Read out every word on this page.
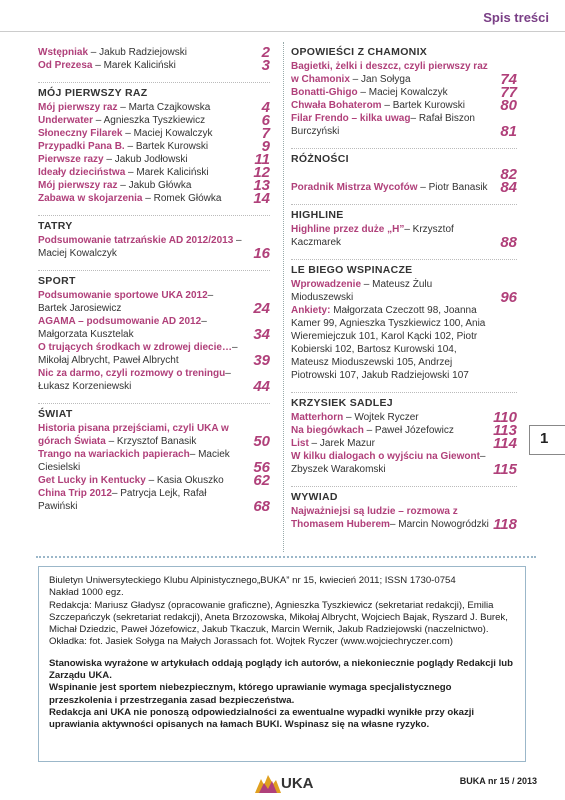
Spis treści
Wstępniak – Jakub Radziejowski	2
Od Prezesa – Marek Kaliciński	3
MÓJ PIERWSZY RAZ
Mój pierwszy raz – Marta Czajkowska	4
Underwater – Agnieszka Tyszkiewicz	6
Słoneczny Filarek – Maciej Kowalczyk	7
Przypadki Pana B. – Bartek Kurowski	9
Pierwsze razy – Jakub Jodłowski	11
Ideały dzieciństwa – Marek Kaliciński	12
Mój pierwszy raz – Jakub Główka	13
Zabawa w skojarzenia – Romek Główka 14
TATRY
Podsumowanie tatrzańskie AD 2012/2013 – Maciej Kowalczyk	16
SPORT
Podsumowanie sportowe UKA 2012– Bartek Jarosiewicz	24
AGAMA – podsumowanie AD 2012– Małgorzata Kusztelak	34
O trujących środkach w zdrowej diecie…– Mikołaj Albrycht, Paweł Albrycht	39
Nic za darmo, czyli rozmowy o treningu– Łukasz Korzeniewski	44
ŚWIAT
Historia pisana przejściami, czyli UKA w górach Świata – Krzysztof Banasik	50
Trango na wariackich papierach– Maciek Ciesielski	56
Get Lucky in Kentucky – Kasia Okuszko 62
China Trip 2012– Patrycja Lejk, Rafał Pawiński	68
OPOWIEŚCI Z CHAMONIX
Bagietki, żelki i deszcz, czyli pierwszy raz w Chamonix – Jan Sołyga	74
Bonatti-Ghigo – Maciej Kowalczyk	77
Chwała Bohaterom – Bartek Kurowski 80
Filar Frendo – kilka uwag– Rafał Biszon Burczyński	81
RÓŻNOŚCI
82
Poradnik Mistrza Wycofów – Piotr Banasik 84
HIGHLINE
Highline przez duże „H”– Krzysztof Kaczmarek	88
LE BIEGO WSPINACZE
Wprowadzenie – Mateusz Żulu Mioduszewski	96
Ankiety: Małgorzata Czeczott 98, Joanna Kamer 99, Agnieszka Tyszkiewicz 100, Ania Wieremiejczuk 101, Karol Kącki 102, Piotr Kobierski 102, Bartosz Kurowski 104, Mateusz Mioduszewski 105, Andrzej Piotrowski 107, Jakub Radziejowski 107
KRZYSIEK SADLEJ
Matterhorn – Wojtek Ryczer	110
Na biegówkach – Paweł Józefowicz	113
List – Jarek Mazur	114
W kilku dialogach o wyjściu na Giewont– Zbyszek Warakomski	115
WYWIAD
Najważniejsi są ludzie – rozmowa z Thomasem Huberem– Marcin Nowogródzki 118
1

Biuletyn Uniwersyteckiego Klubu Alpinistycznego„BUKA” nr 15, kwiecień 2011; ISSN 1730-0754

Nakład 1000 egz.

Redakcja: Mariusz Gładysz (opracowanie graficzne), Agnieszka Tyszkiewicz (sekretariat redakcji), Emilia Szczepańczyk (sekretariat redakcji), Aneta Brzozowska, Mikołaj Albrycht, Wojciech Bajak, Ryszard J. Burek, Michał Dziedzic, Paweł Józefowicz, Jakub Tkaczuk, Marcin Wernik, Jakub Radziejowski (naczelnictwo).

Okładka: fot. Jasiek Sołyga na Małych Jorassach fot. Wojtek Ryczer (www.wojciechryczer.com)

Stanowiska wyrażone w artykułach oddają poglądy ich autorów, a niekoniecznie poglądy Redakcji lub Zarządu UKA.

Wspinanie jest sportem niebezpiecznym, którego uprawianie wymaga specjalistycznego przeszkolenia i przestrzegania zasad bezpieczeństwa.

Redakcja ani UKA nie ponoszą odpowiedzialności za ewentualne wypadki wynikłe przy okazji uprawiania aktywności opisanych na łamach BUKI. Wspinasz się na własne ryzyko.

UKA	BUKA nr 15 / 2013
